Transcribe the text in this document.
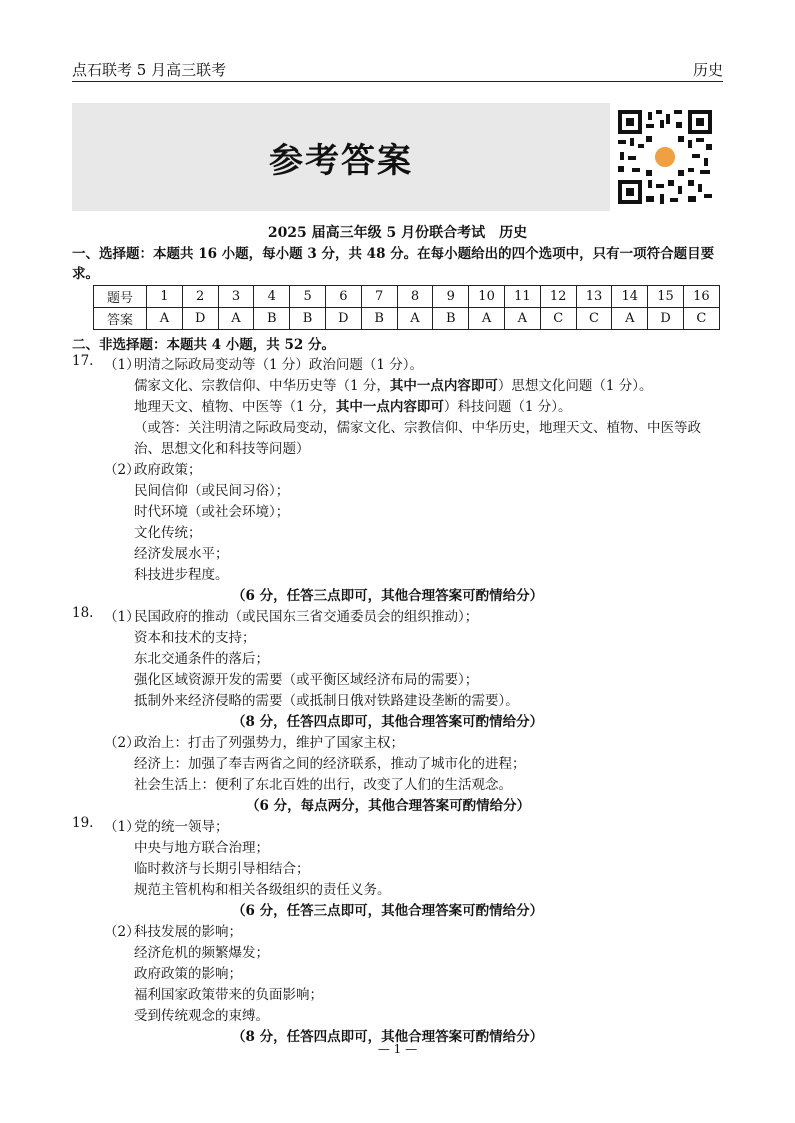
点石联考 5 月高三联考	历史
参考答案
2025 届高三年级 5 月份联合考试　历史
一、选择题：本题共 16 小题，每小题 3 分，共 48 分。在每小题给出的四个选项中，只有一项符合题目要求。
题号	1	2	3	4	5	6	7	8	9	10	11	12	13	14	15	16
答案	A	D	A	B	B	D	B	A	B	A	A	C	C	A	D	C
二、非选择题：本题共 4 小题，共 52 分。
17. （1）
明清之际政局变动等（1 分）政治问题（1 分）。
儒家文化、宗教信仰、中华历史等（1 分，其中一点内容即可）思想文化问题（1 分）。
地理天文、植物、中医等（1 分，其中一点内容即可）科技问题（1 分）。
（或答：关注明清之际政局变动，儒家文化、宗教信仰、中华历史，地理天文、植物、中医等政
治、思想文化和科技等问题）
（2）
政府政策；
民间信仰（或民间习俗）；
时代环境（或社会环境）；
文化传统；
经济发展水平；
科技进步程度。
（6 分，任答三点即可，其他合理答案可酌情给分）
18. （1）
民国政府的推动（或民国东三省交通委员会的组织推动）；
资本和技术的支持；
东北交通条件的落后；
强化区域资源开发的需要（或平衡区域经济布局的需要）；
抵制外来经济侵略的需要（或抵制日俄对铁路建设垄断的需要）。
（8 分，任答四点即可，其他合理答案可酌情给分）
（2）
政治上：打击了列强势力，维护了国家主权；
经济上：加强了奉吉两省之间的经济联系，推动了城市化的进程；
社会生活上：便利了东北百姓的出行，改变了人们的生活观念。
（6 分，每点两分，其他合理答案可酌情给分）
19. （1）
党的统一领导；
中央与地方联合治理；
临时救济与长期引导相结合；
规范主管机构和相关各级组织的责任义务。
（6 分，任答三点即可，其他合理答案可酌情给分）
（2）
科技发展的影响；
经济危机的频繁爆发；
政府政策的影响；
福利国家政策带来的负面影响；
受到传统观念的束缚。
（8 分，任答四点即可，其他合理答案可酌情给分）
— 1 —
